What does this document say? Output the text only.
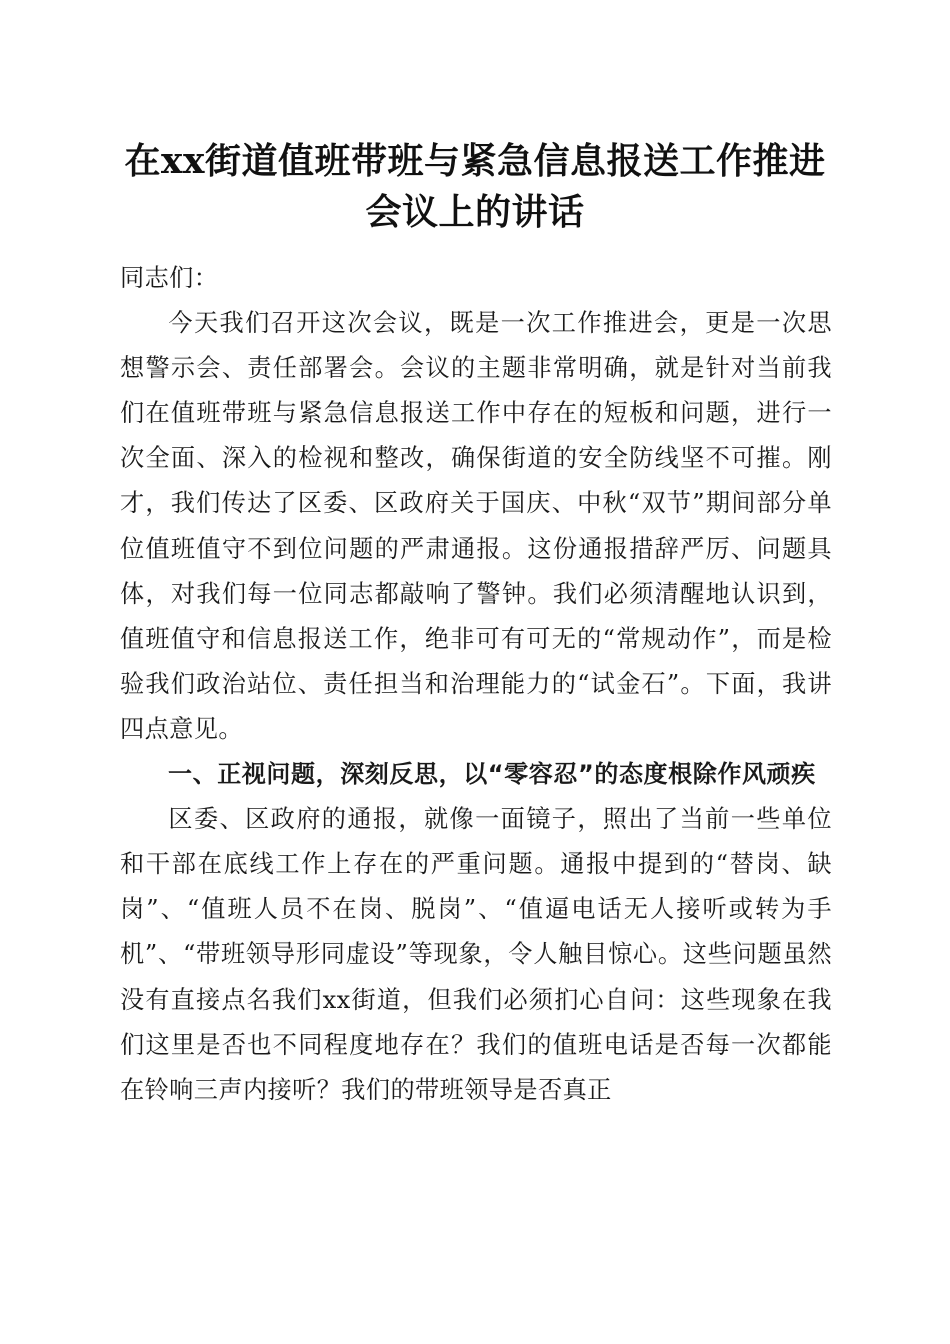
在xx街道值班带班与紧急信息报送工作推进
会议上的讲话

同志们：

今天我们召开这次会议，既是一次工作推进会，更是一次思想警示会、责任部署会。会议的主题非常明确，就是针对当前我们在值班带班与紧急信息报送工作中存在的短板和问题，进行一次全面、深入的检视和整改，确保街道的安全防线坚不可摧。刚才，我们传达了区委、区政府关于国庆、中秋“双节”期间部分单位值班值守不到位问题的严肃通报。这份通报措辞严厉、问题具体，对我们每一位同志都敲响了警钟。我们必须清醒地认识到，值班值守和信息报送工作，绝非可有可无的“常规动作”，而是检验我们政治站位、责任担当和治理能力的“试金石”。下面，我讲四点意见。

一、正视问题，深刻反思，以“零容忍”的态度根除作风顽疾

区委、区政府的通报，就像一面镜子，照出了当前一些单位和干部在底线工作上存在的严重问题。通报中提到的“替岗、缺岗”、“值班人员不在岗、脱岗”、“值逼电话无人接听或转为手机”、“带班领导形同虚设”等现象，令人触目惊心。这些问题虽然没有直接点名我们xx街道，但我们必须扪心自问：这些现象在我们这里是否也不同程度地存在？我们的值班电话是否每一次都能在铃响三声内接听？我们的带班领导是否真正
